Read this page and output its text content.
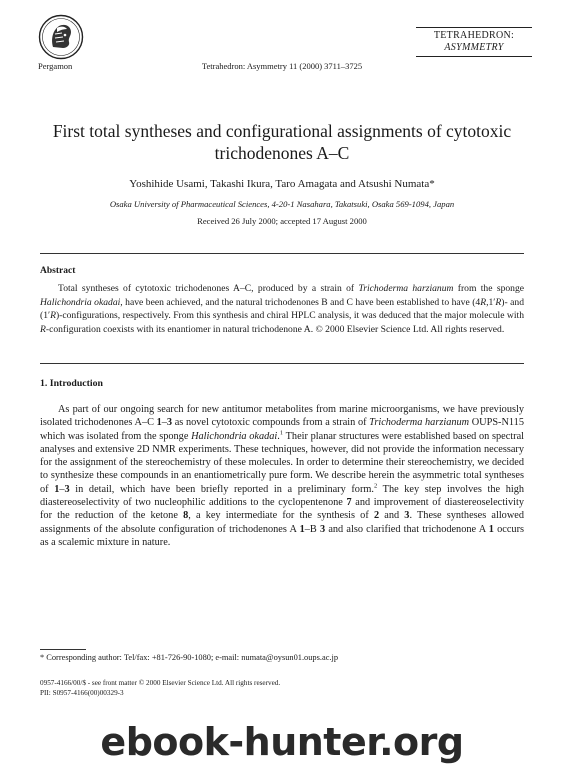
Pergamon	Tetrahedron: Asymmetry 11 (2000) 3711–3725
TETRAHEDRON:
ASYMMETRY
First total syntheses and configurational assignments of cytotoxic trichodenones A–C
Yoshihide Usami, Takashi Ikura, Taro Amagata and Atsushi Numata*
Osaka University of Pharmaceutical Sciences, 4-20-1 Nasahara, Takatsuki, Osaka 569-1094, Japan
Received 26 July 2000; accepted 17 August 2000
Abstract
Total syntheses of cytotoxic trichodenones A–C, produced by a strain of Trichoderma harzianum from the sponge Halichondria okadai, have been achieved, and the natural trichodenones B and C have been established to have (4R,1′R)- and (1′R)-configurations, respectively. From this synthesis and chiral HPLC analysis, it was deduced that the major molecule with R-configuration coexists with its enantiomer in natural trichodenone A. © 2000 Elsevier Science Ltd. All rights reserved.
1. Introduction
As part of our ongoing search for new antitumor metabolites from marine microorganisms, we have previously isolated trichodenones A–C 1–3 as novel cytotoxic compounds from a strain of Trichoderma harzianum OUPS-N115 which was isolated from the sponge Halichondria okadai.$^1$ Their planar structures were established based on spectral analyses and extensive 2D NMR experiments. These techniques, however, did not provide the information necessary for the assignment of the stereochemistry of these molecules. In order to determine their stereochemistry, we decided to synthesize these compounds in an enantiometrically pure form. We describe herein the asymmetric total syntheses of 1–3 in detail, which have been briefly reported in a preliminary form.$^2$ The key step involves the high diastereoselectivity of two nucleophilic additions to the cyclopentenone 7 and improvement of diastereoselectivity for the reduction of the ketone 8, a key intermediate for the synthesis of 2 and 3. These syntheses allowed assignments of the absolute configuration of trichodenones A 1–B 3 and also clarified that trichodenone A 1 occurs as a scalemic mixture in nature.
* Corresponding author: Tel/fax: +81-726-90-1080; e-mail: numata@oysun01.oups.ac.jp
0957-4166/00/$ - see front matter © 2000 Elsevier Science Ltd. All rights reserved.
PII: S0957-4166(00)00329-3
ebook-hunter.org
